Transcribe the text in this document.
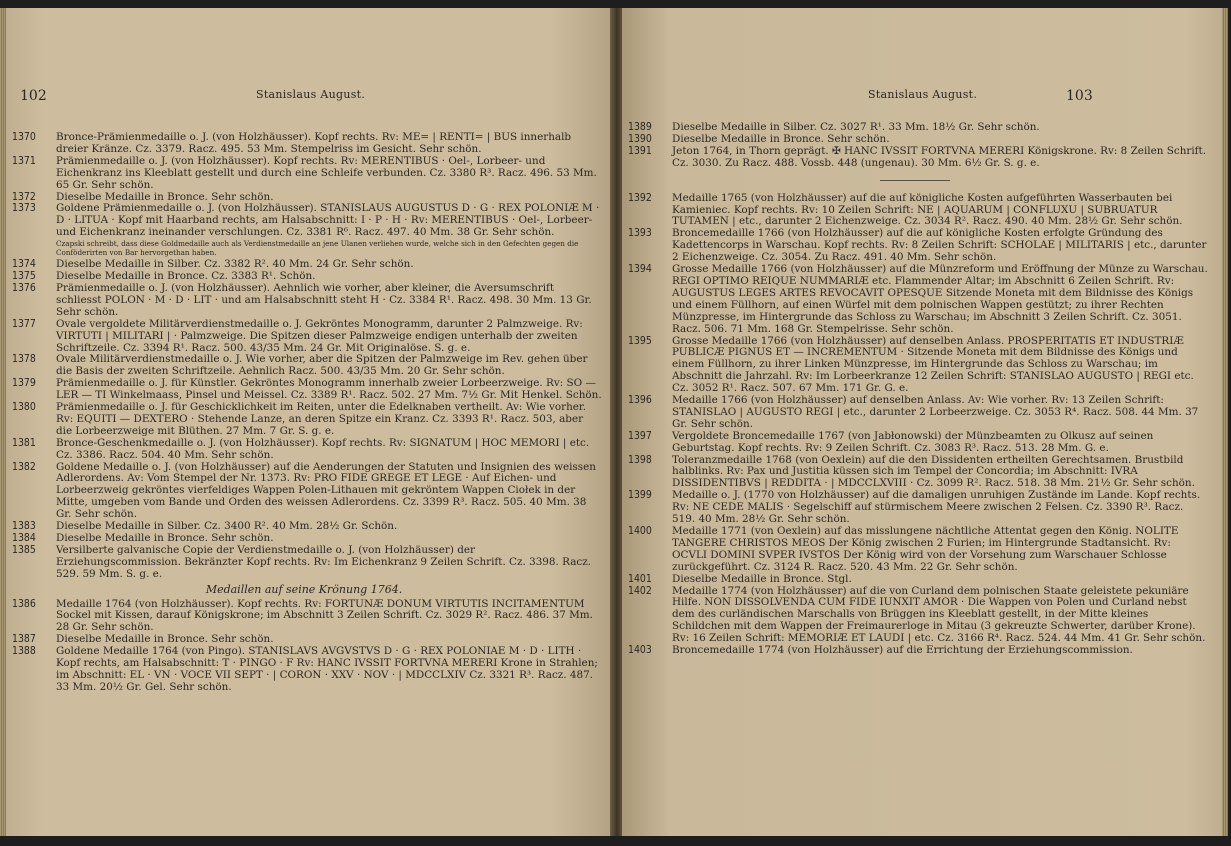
102	Stanislaus August.
1370 Bronce-Prämienmedaille o. J. (von Holzhäusser). Kopf rechts. Rv: ME= | RENTI= | BUS innerhalb dreier Kränze. Cz. 3379. Racz. 495. 53 Mm. Stempelriss im Gesicht. Sehr schön.
1371 Prämienmedaille o. J. (von Holzhäusser). Kopf rechts. Rv: MERENTIBUS · Oel-, Lorbeer- und Eichenkranz ins Kleeblatt gestellt und durch eine Schleife verbunden. Cz. 3380 R³. Racz. 496. 53 Mm. 65 Gr. Sehr schön.
1372 Dieselbe Medaille in Bronce. Sehr schön.
1373 Goldene Prämienmedaille o. J. (von Holzhäusser). STANISLAUS AUGUSTUS D · G · REX POLONIÆ M · D · LITUA · Kopf mit Haarband rechts, am Halsabschnitt: I · P · H · Rv: MERENTIBUS · Oel-, Lorbeer- und Eichenkranz ineinander verschlungen. Cz. 3381 R⁶. Racz. 497. 40 Mm. 38 Gr. Sehr schön.
Czapski schreibt, dass diese Goldmedaille auch als Verdienstmedaille an jene Ulanen verliehen wurde, welche sich in den Gefechten gegen die Conföderirten von Bar hervorgethan haben.
1374 Dieselbe Medaille in Silber. Cz. 3382 R². 40 Mm. 24 Gr. Sehr schön.
1375 Dieselbe Medaille in Bronce. Cz. 3383 R¹. Schön.
1376 Prämienmedaille o. J. (von Holzhäusser). Aehnlich wie vorher, aber kleiner, die Aversumschrift schliesst POLON · M · D · LIT · und am Halsabschnitt steht H · Cz. 3384 R¹. Racz. 498. 30 Mm. 13 Gr. Sehr schön.
1377 Ovale vergoldete Militärverdienstmedaille o. J. Gekröntes Monogramm, darunter 2 Palmzweige. Rv: VIRTUTI | MILITARI | · Palmzweige. Die Spitzen dieser Palmzweige endigen unterhalb der zweiten Schriftzeile. Cz. 3394 R¹. Racz. 500. 43/35 Mm. 24 Gr. Mit Originalöse. S. g. e.
1378 Ovale Militärverdienstmedaille o. J. Wie vorher, aber die Spitzen der Palmzweige im Rev. gehen über die Basis der zweiten Schriftzeile. Aehnlich Racz. 500. 43/35 Mm. 20 Gr. Sehr schön.
1379 Prämienmedaille o. J. für Künstler. Gekröntes Monogramm innerhalb zweier Lorbeerzweige. Rv: SO — LER — TI Winkelmaass, Pinsel und Meissel. Cz. 3389 R¹. Racz. 502. 27 Mm. 7½ Gr. Mit Henkel. Schön.
1380 Prämienmedaille o. J. für Geschicklichkeit im Reiten, unter die Edelknaben vertheilt. Av: Wie vorher. Rv: EQUITI — DEXTERO · Stehende Lanze, an deren Spitze ein Kranz. Cz. 3393 R¹. Racz. 503, aber die Lorbeerzweige mit Blüthen. 27 Mm. 7 Gr. S. g. e.
1381 Bronce-Geschenkmedaille o. J. (von Holzhäusser). Kopf rechts. Rv: SIGNATUM | HOC MEMORI | etc. Cz. 3386. Racz. 504. 40 Mm. Sehr schön.
1382 Goldene Medaille o. J. (von Holzhäusser) auf die Aenderungen der Statuten und Insignien des weissen Adlerordens. Av: Vom Stempel der Nr. 1373. Rv: PRO FIDE GREGE ET LEGE · Auf Eichen- und Lorbeerzweig gekröntes vierfeldiges Wappen Polen-Lithauen mit gekröntem Wappen Ciołek in der Mitte, umgeben vom Bande und Orden des weissen Adlerordens. Cz. 3399 R³. Racz. 505. 40 Mm. 38 Gr. Sehr schön.
1383 Dieselbe Medaille in Silber. Cz. 3400 R². 40 Mm. 28½ Gr. Schön.
1384 Dieselbe Medaille in Bronce. Sehr schön.
1385 Versilberte galvanische Copie der Verdienstmedaille o. J. (von Holzhäusser) der Erziehungscommission. Bekränzter Kopf rechts. Rv: Im Eichenkranz 9 Zeilen Schrift. Cz. 3398. Racz. 529. 59 Mm. S. g. e.
Medaillen auf seine Krönung 1764.
1386 Medaille 1764 (von Holzhäusser). Kopf rechts. Rv: FORTUNÆ DONUM VIRTUTIS INCITAMENTUM Sockel mit Kissen, darauf Königskrone; im Abschnitt 3 Zeilen Schrift. Cz. 3029 R². Racz. 486. 37 Mm. 28 Gr. Sehr schön.
1387 Dieselbe Medaille in Bronce. Sehr schön.
1388 Goldene Medaille 1764 (von Pingo). STANISLAVS AVGVSTVS D · G · REX POLONIAE M · D · LITH · Kopf rechts, am Halsabschnitt: T · PINGO · F Rv: HANC IVSSIT FORTVNA MERERI Krone in Strahlen; im Abschnitt: EL · VN · VOCE VII SEPT · | CORON · XXV · NOV · | MDCCLXIV Cz. 3321 R³. Racz. 487. 33 Mm. 20½ Gr. Gel. Sehr schön.
Stanislaus August.	103
1389 Dieselbe Medaille in Silber. Cz. 3027 R¹. 33 Mm. 18½ Gr. Sehr schön.
1390 Dieselbe Medaille in Bronce. Sehr schön.
1391 Jeton 1764, in Thorn geprägt. ✠ HANC IVSSIT FORTVNA MERERI Königskrone. Rv: 8 Zeilen Schrift. Cz. 3030. Zu Racz. 488. Vossb. 448 (ungenau). 30 Mm. 6½ Gr. S. g. e.
1392 Medaille 1765 (von Holzhäusser) auf die auf königliche Kosten aufgeführten Wasserbauten bei Kamieniec. Kopf rechts. Rv: 10 Zeilen Schrift: NE | AQUARUM | CONFLUXU | SUBRUATUR TUTAMEN | etc., darunter 2 Eichenzweige. Cz. 3034 R². Racz. 490. 40 Mm. 28½ Gr. Sehr schön.
1393 Broncemedaille 1766 (von Holzhäusser) auf die auf königliche Kosten erfolgte Gründung des Kadettencorps in Warschau. Kopf rechts. Rv: 8 Zeilen Schrift: SCHOLAE | MILITARIS | etc., darunter 2 Eichenzweige. Cz. 3054. Zu Racz. 491. 40 Mm. Sehr schön.
1394 Grosse Medaille 1766 (von Holzhäusser) auf die Münzreform und Eröffnung der Münze zu Warschau. REGI OPTIMO REIQUE NUMMARIÆ etc. Flammender Altar; im Abschnitt 6 Zeilen Schrift. Rv: AUGUSTUS LEGES ARTES REVOCAVIT OPESQUE Sitzende Moneta mit dem Bildnisse des Königs und einem Füllhorn, auf einen Würfel mit dem polnischen Wappen gestützt; zu ihrer Rechten Münzpresse, im Hintergrunde das Schloss zu Warschau; im Abschnitt 3 Zeilen Schrift. Cz. 3051. Racz. 506. 71 Mm. 168 Gr. Stempelrisse. Sehr schön.
1395 Grosse Medaille 1766 (von Holzhäusser) auf denselben Anlass. PROSPERITATIS ET INDUSTRIÆ PUBLICÆ PIGNUS ET — INCREMENTUM · Sitzende Moneta mit dem Bildnisse des Königs und einem Füllhorn, zu ihrer Linken Münzpresse, im Hintergrunde das Schloss zu Warschau; im Abschnitt die Jahrzahl. Rv: Im Lorbeerkranze 12 Zeilen Schrift: STANISLAO AUGUSTO | REGI etc. Cz. 3052 R¹. Racz. 507. 67 Mm. 171 Gr. G. e.
1396 Medaille 1766 (von Holzhäusser) auf denselben Anlass. Av: Wie vorher. Rv: 13 Zeilen Schrift: STANISLAO | AUGUSTO REGI | etc., darunter 2 Lorbeerzweige. Cz. 3053 R⁴. Racz. 508. 44 Mm. 37 Gr. Sehr schön.
1397 Vergoldete Broncemedaille 1767 (von Jabłonowski) der Münzbeamten zu Olkusz auf seinen Geburtstag. Kopf rechts. Rv: 9 Zeilen Schrift. Cz. 3083 R³. Racz. 513. 28 Mm. G. e.
1398 Toleranzmedaille 1768 (von Oexlein) auf die den Dissidenten ertheilten Gerechtsamen. Brustbild halblinks. Rv: Pax und Justitia küssen sich im Tempel der Concordia; im Abschnitt: IVRA DISSIDENTIBVS | REDDITA · | MDCCLXVIII · Cz. 3099 R². Racz. 518. 38 Mm. 21½ Gr. Sehr schön.
1399 Medaille o. J. (1770 von Holzhäusser) auf die damaligen unruhigen Zustände im Lande. Kopf rechts. Rv: NE CEDE MALIS · Segelschiff auf stürmischem Meere zwischen 2 Felsen. Cz. 3390 R³. Racz. 519. 40 Mm. 28½ Gr. Sehr schön.
1400 Medaille 1771 (von Oexlein) auf das misslungene nächtliche Attentat gegen den König. NOLITE TANGERE CHRISTOS MEOS Der König zwischen 2 Furien; im Hintergrunde Stadtansicht. Rv: OCVLI DOMINI SVPER IVSTOS Der König wird von der Vorsehung zum Warschauer Schlosse zurückgeführt. Cz. 3124 R. Racz. 520. 43 Mm. 22 Gr. Sehr schön.
1401 Dieselbe Medaille in Bronce. Stgl.
1402 Medaille 1774 (von Holzhäusser) auf die von Curland dem polnischen Staate geleistete pekuniäre Hilfe. NON DISSOLVENDA CUM FIDE IUNXIT AMOR · Die Wappen von Polen und Curland nebst dem des curländischen Marschalls von Brüggen ins Kleeblatt gestellt, in der Mitte kleines Schildchen mit dem Wappen der Freimaurerloge in Mitau (3 gekreuzte Schwerter, darüber Krone). Rv: 16 Zeilen Schrift: MEMORIÆ ET LAUDI | etc. Cz. 3166 R⁴. Racz. 524. 44 Mm. 41 Gr. Sehr schön.
1403 Broncemedaille 1774 (von Holzhäusser) auf die Errichtung der Erziehungscommission.
